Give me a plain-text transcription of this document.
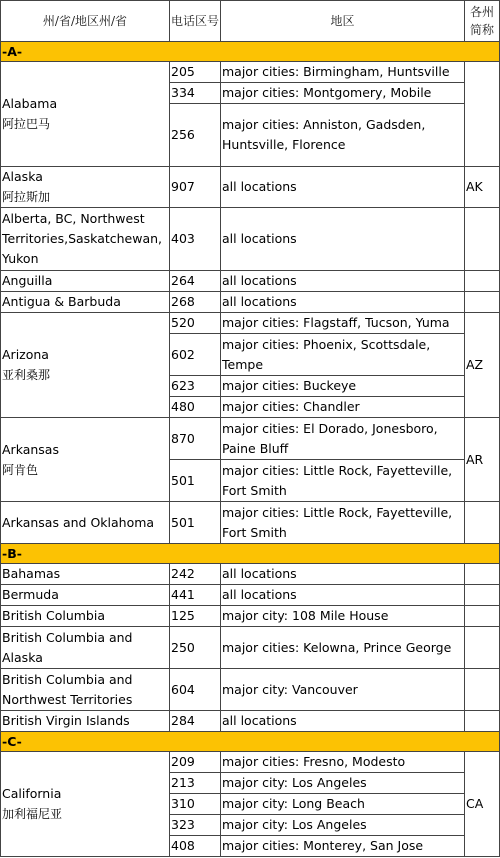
州/省/地区州/省	电话区号	地区	各州简称
-A-			

Alabama
阿拉巴马	205	major cities: Birmingham, Huntsville	
	334	major cities: Montgomery, Mobile	
	256	major cities: Anniston, Gadsden, Huntsville, Florence	

Alaska
阿拉斯加	907	all locations	AK

Alberta, BC, Northwest Territories,Saskatchewan, Yukon	403	all locations	

Anguilla	264	all locations	

Antigua & Barbuda	268	all locations	

Arizona
亚利桑那	520	major cities: Flagstaff, Tucson, Yuma	AZ
	602	major cities: Phoenix, Scottsdale, Tempe	
	623	major cities: Buckeye	
	480	major cities: Chandler	

Arkansas
阿肯色	870	major cities: El Dorado, Jonesboro, Paine Bluff	AR
	501	major cities: Little Rock, Fayetteville, Fort Smith	

Arkansas and Oklahoma	501	major cities: Little Rock, Fayetteville, Fort Smith	
-B-			

Bahamas	242	all locations	

Bermuda	441	all locations	

British Columbia	125	major city: 108 Mile House	

British Columbia and Alaska	250	major cities: Kelowna, Prince George	

British Columbia and Northwest Territories	604	major city: Vancouver	

British Virgin Islands	284	all locations	
-C-			

California
加利福尼亚	209	major cities: Fresno, Modesto	CA
	213	major city: Los Angeles	
	310	major city: Long Beach	
	323	major city: Los Angeles	
	408	major cities: Monterey, San Jose	
